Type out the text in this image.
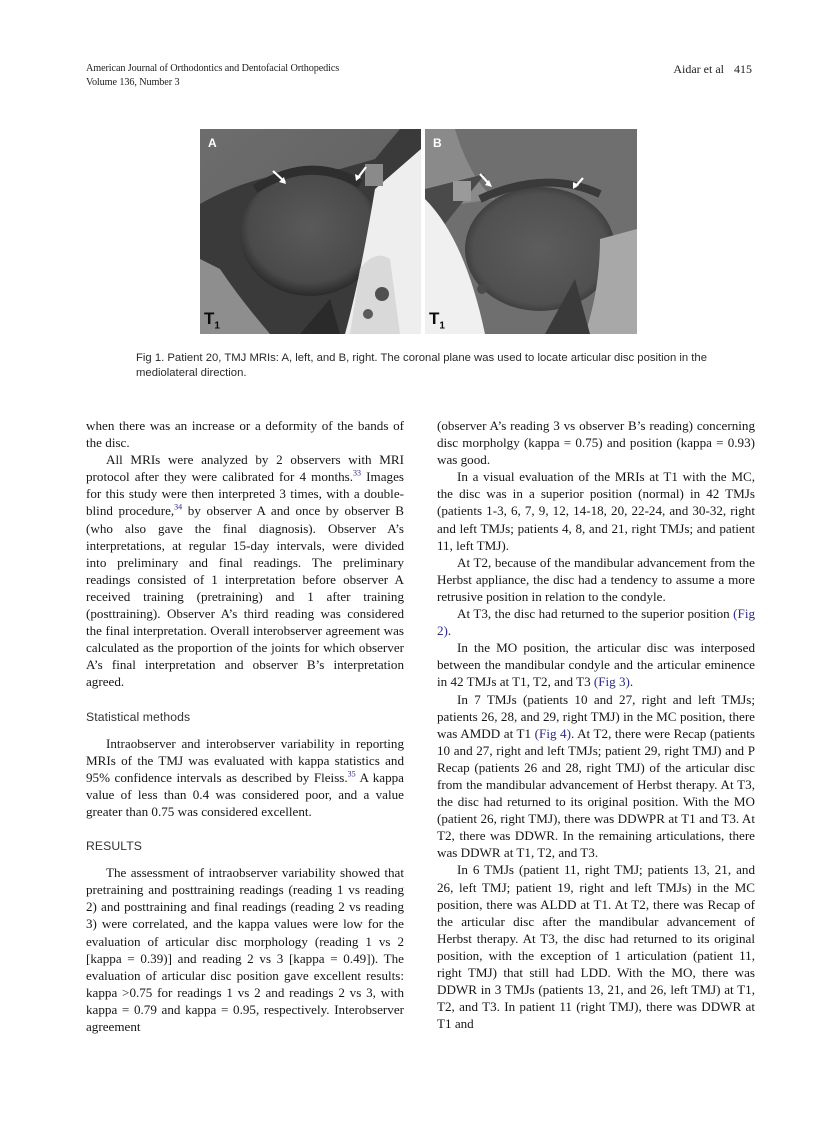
American Journal of Orthodontics and Dentofacial Orthopedics
Volume 136, Number 3
Aidar et al 415
A
$T_1$
B
$T_1$
Fig 1. Patient 20, TMJ MRIs: A, left, and B, right. The coronal plane was used to locate articular disc position in the mediolateral direction.

when there was an increase or a deformity of the bands of the disc.

All MRIs were analyzed by 2 observers with MRI protocol after they were calibrated for 4 months.$^{33}$ Images for this study were then interpreted 3 times, with a double-blind procedure,$^{34}$ by observer A and once by observer B (who also gave the final diagnosis). Observer A’s interpretations, at regular 15-day intervals, were divided into preliminary and final readings. The preliminary readings consisted of 1 interpretation before observer A received training (pretraining) and 1 after training (posttraining). Observer A’s third reading was considered the final interpretation. Overall interobserver agreement was calculated as the proportion of the joints for which observer A’s final interpretation and observer B’s interpretation agreed.

Statistical methods

Intraobserver and interobserver variability in reporting MRIs of the TMJ was evaluated with kappa statistics and 95% confidence intervals as described by Fleiss.$^{35}$ A kappa value of less than 0.4 was considered poor, and a value greater than 0.75 was considered excellent.

RESULTS

The assessment of intraobserver variability showed that pretraining and posttraining readings (reading 1 vs reading 2) and posttraining and final readings (reading 2 vs reading 3) were correlated, and the kappa values were low for the evaluation of articular disc morphology (reading 1 vs 2 [kappa = 0.39)] and reading 2 vs 3 [kappa = 0.49]). The evaluation of articular disc position gave excellent results: kappa >0.75 for readings 1 vs 2 and readings 2 vs 3, with kappa = 0.79 and kappa = 0.95, respectively. Interobserver agreement

(observer A’s reading 3 vs observer B’s reading) concerning disc morpholgy (kappa = 0.75) and position (kappa = 0.93) was good.

In a visual evaluation of the MRIs at T1 with the MC, the disc was in a superior position (normal) in 42 TMJs (patients 1-3, 6, 7, 9, 12, 14-18, 20, 22-24, and 30-32, right and left TMJs; patients 4, 8, and 21, right TMJs; and patient 11, left TMJ).

At T2, because of the mandibular advancement from the Herbst appliance, the disc had a tendency to assume a more retrusive position in relation to the condyle.

At T3, the disc had returned to the superior position (Fig 2).

In the MO position, the articular disc was interposed between the mandibular condyle and the articular eminence in 42 TMJs at T1, T2, and T3 (Fig 3).

In 7 TMJs (patients 10 and 27, right and left TMJs; patients 26, 28, and 29, right TMJ) in the MC position, there was AMDD at T1 (Fig 4). At T2, there were Recap (patients 10 and 27, right and left TMJs; patient 29, right TMJ) and P Recap (patients 26 and 28, right TMJ) of the articular disc from the mandibular advancement of Herbst therapy. At T3, the disc had returned to its original position. With the MO (patient 26, right TMJ), there was DDWPR at T1 and T3. At T2, there was DDWR. In the remaining articulations, there was DDWR at T1, T2, and T3.

In 6 TMJs (patient 11, right TMJ; patients 13, 21, and 26, left TMJ; patient 19, right and left TMJs) in the MC position, there was ALDD at T1. At T2, there was Recap of the articular disc after the mandibular advancement of Herbst therapy. At T3, the disc had returned to its original position, with the exception of 1 articulation (patient 11, right TMJ) that still had LDD. With the MO, there was DDWR in 3 TMJs (patients 13, 21, and 26, left TMJ) at T1, T2, and T3. In patient 11 (right TMJ), there was DDWR at T1 and
